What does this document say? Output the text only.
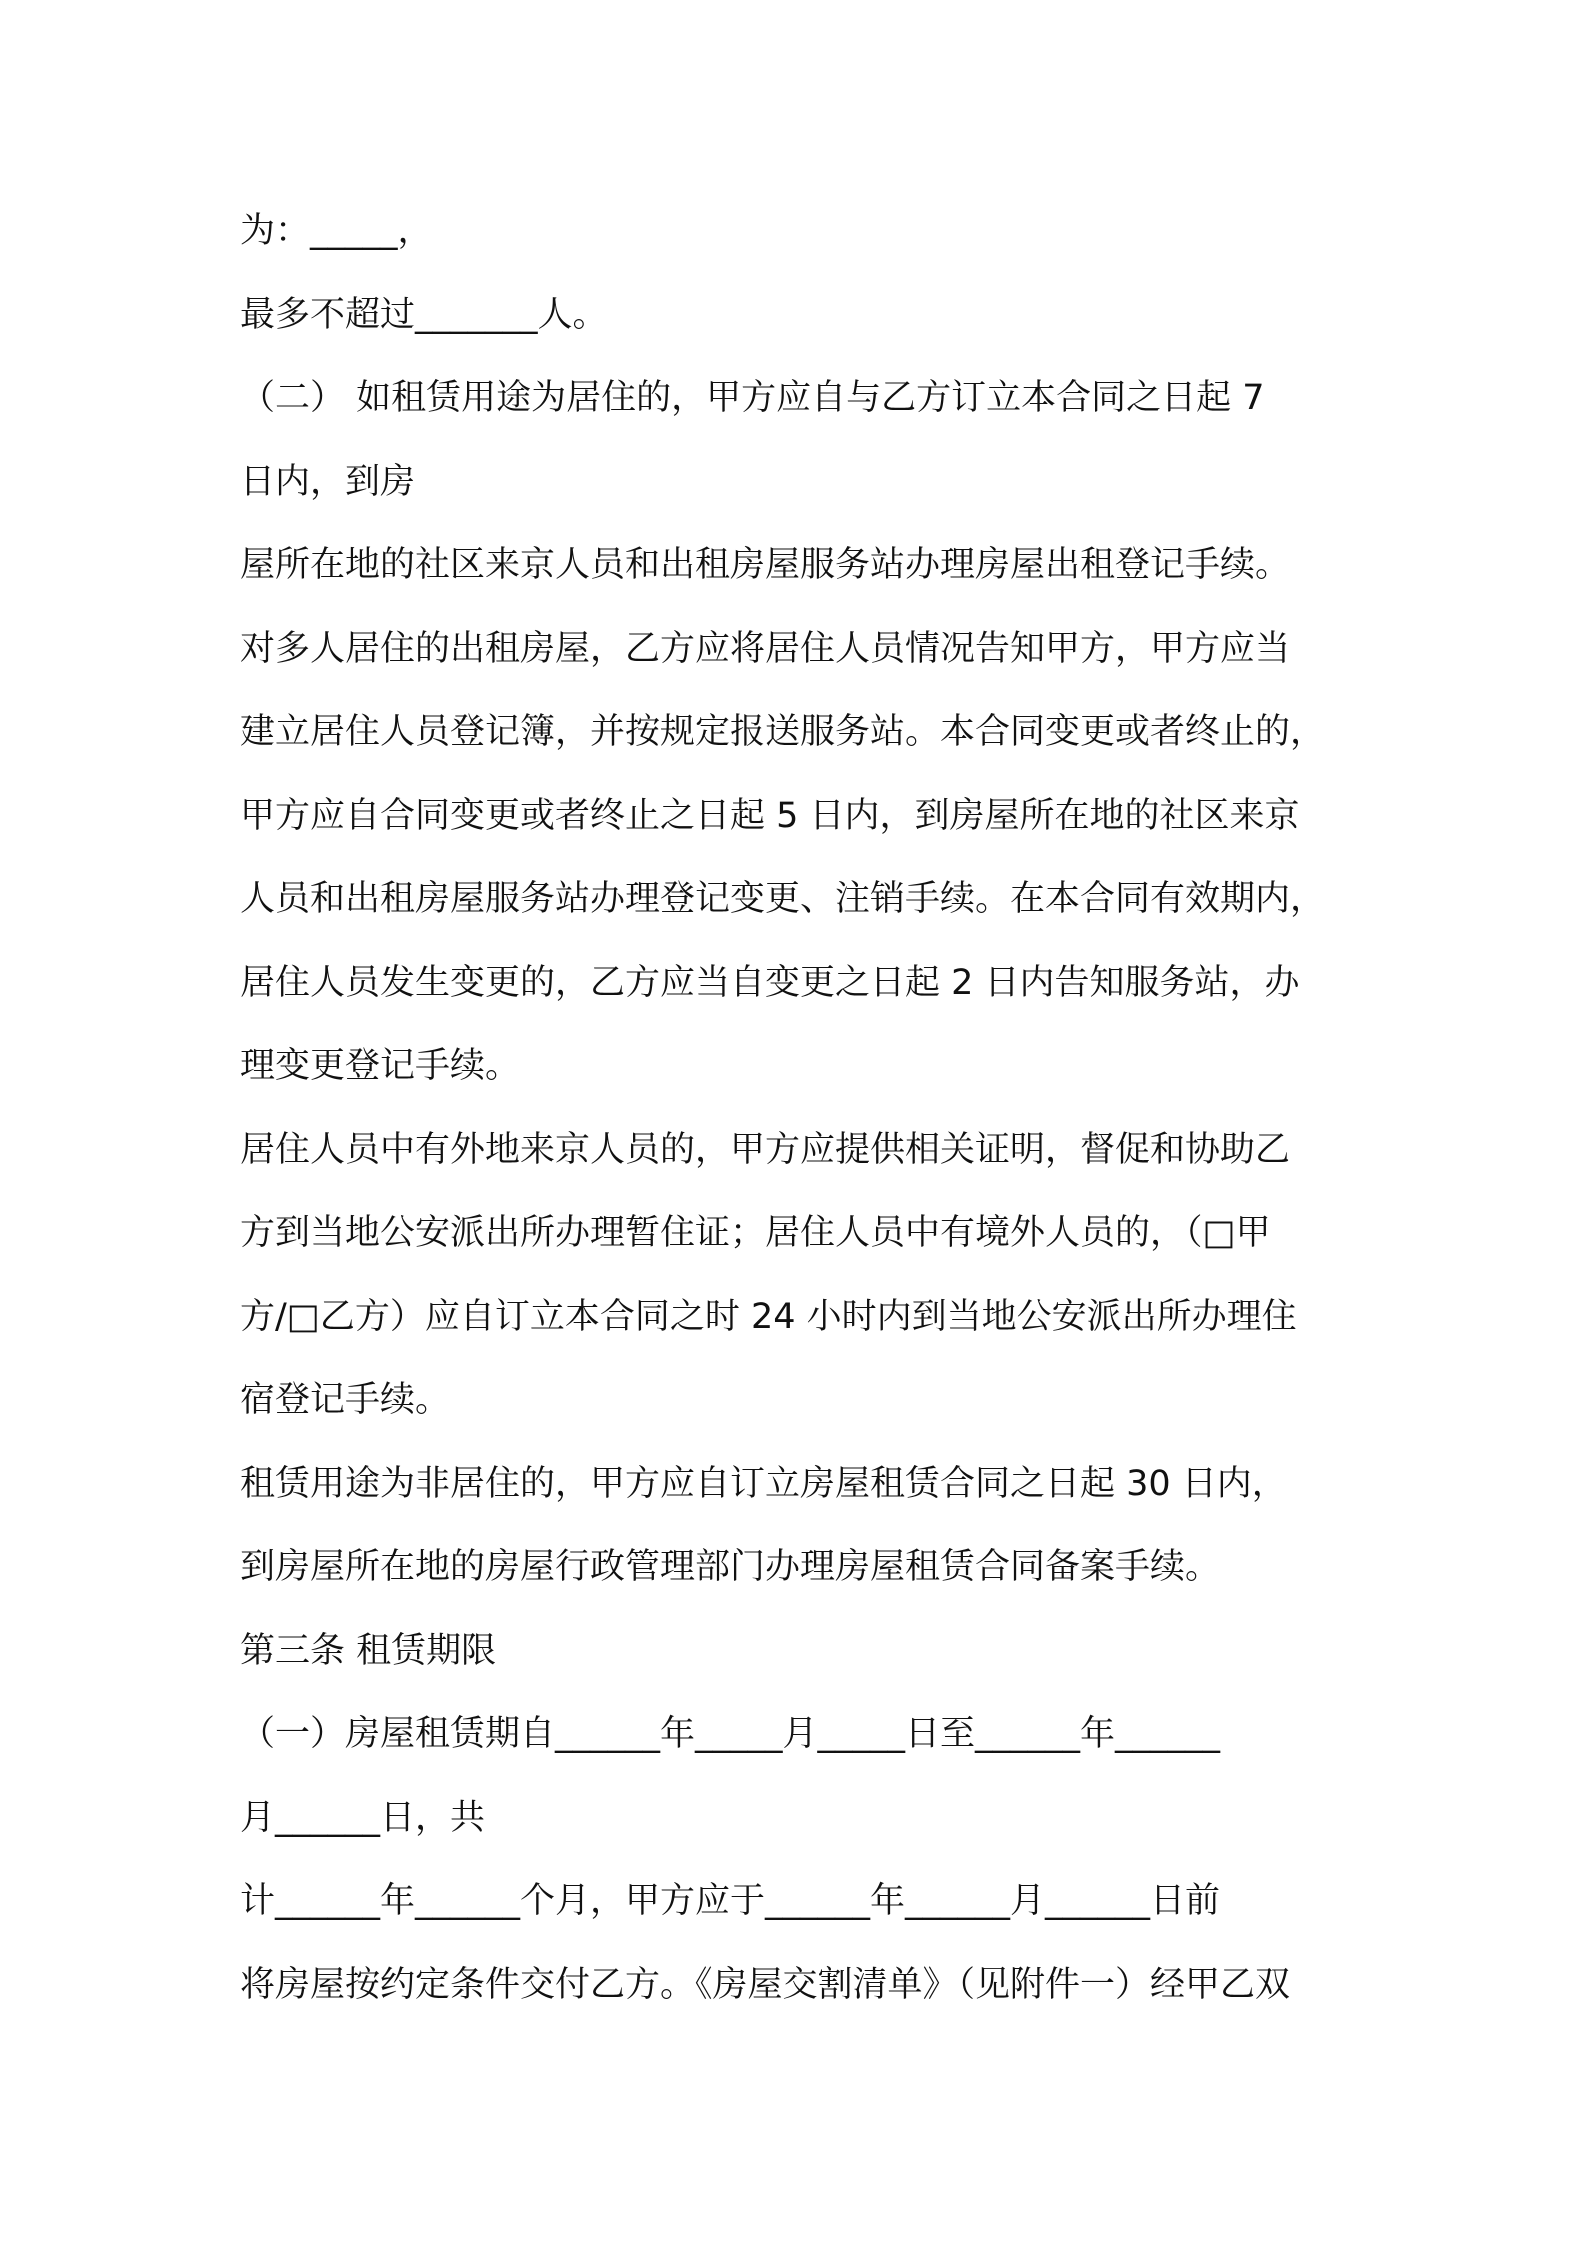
为：_____，
最多不超过_______人。
（二） 如租赁用途为居住的，甲方应自与乙方订立本合同之日起 7
日内，到房
屋所在地的社区来京人员和出租房屋服务站办理房屋出租登记手续。
对多人居住的出租房屋，乙方应将居住人员情况告知甲方，甲方应当
建立居住人员登记簿，并按规定报送服务站。本合同变更或者终止的，
甲方应自合同变更或者终止之日起 5 日内，到房屋所在地的社区来京
人员和出租房屋服务站办理登记变更、注销手续。在本合同有效期内，
居住人员发生变更的，乙方应当自变更之日起 2 日内告知服务站，办
理变更登记手续。
居住人员中有外地来京人员的，甲方应提供相关证明，督促和协助乙
方到当地公安派出所办理暂住证；居住人员中有境外人员的，（□甲
方/□乙方）应自订立本合同之时 24 小时内到当地公安派出所办理住
宿登记手续。
租赁用途为非居住的，甲方应自订立房屋租赁合同之日起 30 日内，
到房屋所在地的房屋行政管理部门办理房屋租赁合同备案手续。
第三条 租赁期限
（一）房屋租赁期自______年_____月_____日至______年______
月______日，共
计______年______个月，甲方应于______年______月______日前
将房屋按约定条件交付乙方。《房屋交割清单》（见附件一）经甲乙双
